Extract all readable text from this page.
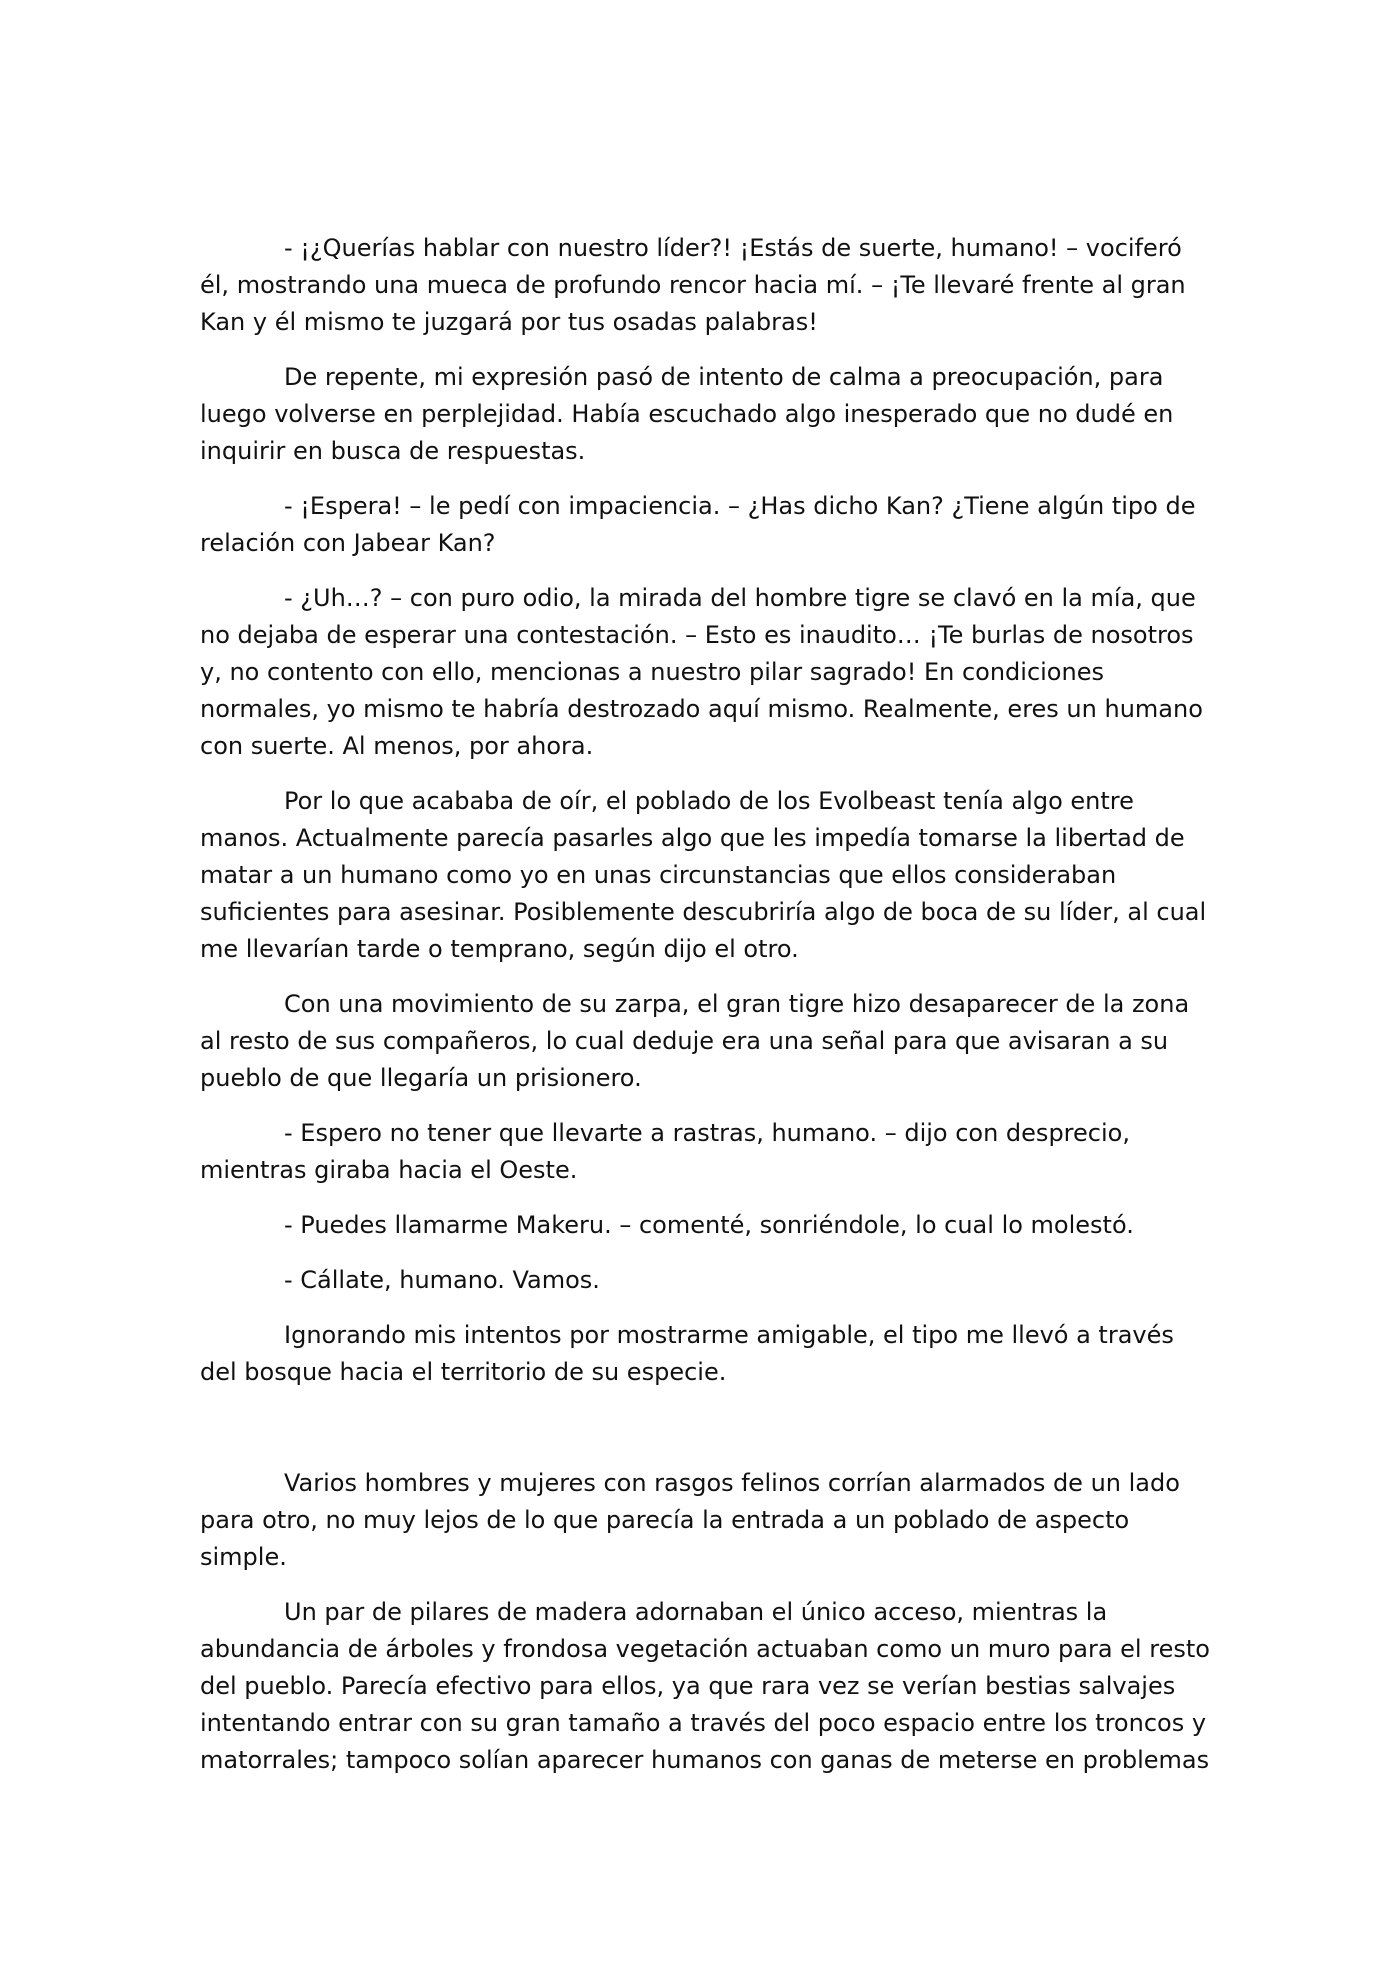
- ¡¿Querías hablar con nuestro líder?! ¡Estás de suerte, humano! – vociferó él, mostrando una mueca de profundo rencor hacia mí. – ¡Te llevaré frente al gran Kan y él mismo te juzgará por tus osadas palabras!

De repente, mi expresión pasó de intento de calma a preocupación, para luego volverse en perplejidad. Había escuchado algo inesperado que no dudé en inquirir en busca de respuestas.

- ¡Espera! – le pedí con impaciencia. – ¿Has dicho Kan? ¿Tiene algún tipo de relación con Jabear Kan?

- ¿Uh…? – con puro odio, la mirada del hombre tigre se clavó en la mía, que no dejaba de esperar una contestación. – Esto es inaudito… ¡Te burlas de nosotros y, no contento con ello, mencionas a nuestro pilar sagrado! En condiciones normales, yo mismo te habría destrozado aquí mismo. Realmente, eres un humano con suerte. Al menos, por ahora.

Por lo que acababa de oír, el poblado de los Evolbeast tenía algo entre manos. Actualmente parecía pasarles algo que les impedía tomarse la libertad de matar a un humano como yo en unas circunstancias que ellos consideraban suficientes para asesinar. Posiblemente descubriría algo de boca de su líder, al cual me llevarían tarde o temprano, según dijo el otro.

Con una movimiento de su zarpa, el gran tigre hizo desaparecer de la zona al resto de sus compañeros, lo cual deduje era una señal para que avisaran a su pueblo de que llegaría un prisionero.

- Espero no tener que llevarte a rastras, humano. – dijo con desprecio, mientras giraba hacia el Oeste.

- Puedes llamarme Makeru. – comenté, sonriéndole, lo cual lo molestó.

- Cállate, humano. Vamos.

Ignorando mis intentos por mostrarme amigable, el tipo me llevó a través del bosque hacia el territorio de su especie.

Varios hombres y mujeres con rasgos felinos corrían alarmados de un lado para otro, no muy lejos de lo que parecía la entrada a un poblado de aspecto simple.

Un par de pilares de madera adornaban el único acceso, mientras la abundancia de árboles y frondosa vegetación actuaban como un muro para el resto del pueblo. Parecía efectivo para ellos, ya que rara vez se verían bestias salvajes intentando entrar con su gran tamaño a través del poco espacio entre los troncos y matorrales; tampoco solían aparecer humanos con ganas de meterse en problemas
